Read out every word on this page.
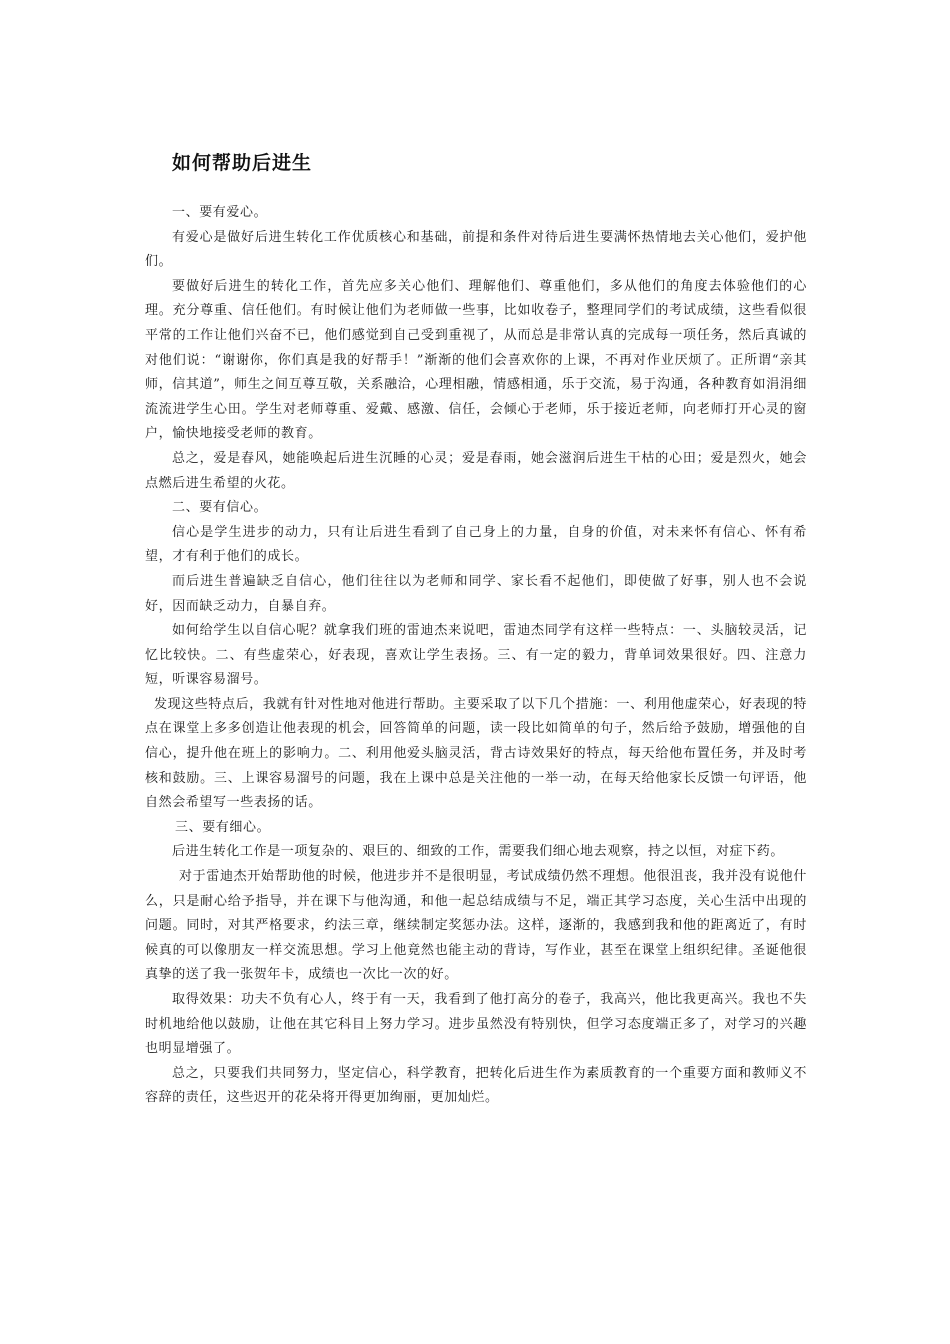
如何帮助后进生

一、要有爱心。

有爱心是做好后进生转化工作优质核心和基础，前提和条件对待后进生要满怀热情地去关心他们，爱护他们。

要做好后进生的转化工作，首先应多关心他们、理解他们、尊重他们，多从他们的角度去体验他们的心理。充分尊重、信任他们。有时候让他们为老师做一些事，比如收卷子，整理同学们的考试成绩，这些看似很平常的工作让他们兴奋不已，他们感觉到自己受到重视了，从而总是非常认真的完成每一项任务，然后真诚的对他们说：“谢谢你，你们真是我的好帮手！”渐渐的他们会喜欢你的上课，不再对作业厌烦了。正所谓“亲其师，信其道”，师生之间互尊互敬，关系融洽，心理相融，情感相通，乐于交流，易于沟通，各种教育如涓涓细流流进学生心田。学生对老师尊重、爱戴、感激、信任，会倾心于老师，乐于接近老师，向老师打开心灵的窗户，愉快地接受老师的教育。

总之，爱是春风，她能唤起后进生沉睡的心灵；爱是春雨，她会滋润后进生干枯的心田；爱是烈火，她会点燃后进生希望的火花。

二、要有信心。

信心是学生进步的动力，只有让后进生看到了自己身上的力量，自身的价值，对未来怀有信心、怀有希望，才有利于他们的成长。

而后进生普遍缺乏自信心，他们往往以为老师和同学、家长看不起他们，即使做了好事，别人也不会说好，因而缺乏动力，自暴自弃。

如何给学生以自信心呢？就拿我们班的雷迪杰来说吧，雷迪杰同学有这样一些特点：一、头脑较灵活，记忆比较快。二、有些虚荣心，好表现，喜欢让学生表扬。三、有一定的毅力，背单词效果很好。四、注意力短，听课容易溜号。

发现这些特点后，我就有针对性地对他进行帮助。主要采取了以下几个措施：一、利用他虚荣心，好表现的特点在课堂上多多创造让他表现的机会，回答简单的问题，读一段比如简单的句子，然后给予鼓励，增强他的自信心，提升他在班上的影响力。二、利用他爱头脑灵活，背古诗效果好的特点，每天给他布置任务，并及时考核和鼓励。三、上课容易溜号的问题，我在上课中总是关注他的一举一动，在每天给他家长反馈一句评语，他自然会希望写一些表扬的话。

三、要有细心。

后进生转化工作是一项复杂的、艰巨的、细致的工作，需要我们细心地去观察，持之以恒，对症下药。

对于雷迪杰开始帮助他的时候，他进步并不是很明显，考试成绩仍然不理想。他很沮丧，我并没有说他什么，只是耐心给予指导，并在课下与他沟通，和他一起总结成绩与不足，端正其学习态度，关心生活中出现的问题。同时，对其严格要求，约法三章，继续制定奖惩办法。这样，逐渐的，我感到我和他的距离近了，有时候真的可以像朋友一样交流思想。学习上他竟然也能主动的背诗，写作业，甚至在课堂上组织纪律。圣诞他很真挚的送了我一张贺年卡，成绩也一次比一次的好。

取得效果：功夫不负有心人，终于有一天，我看到了他打高分的卷子，我高兴，他比我更高兴。我也不失时机地给他以鼓励，让他在其它科目上努力学习。进步虽然没有特别快，但学习态度端正多了，对学习的兴趣也明显增强了。

总之，只要我们共同努力，坚定信心，科学教育，把转化后进生作为素质教育的一个重要方面和教师义不容辞的责任，这些迟开的花朵将开得更加绚丽，更加灿烂。
